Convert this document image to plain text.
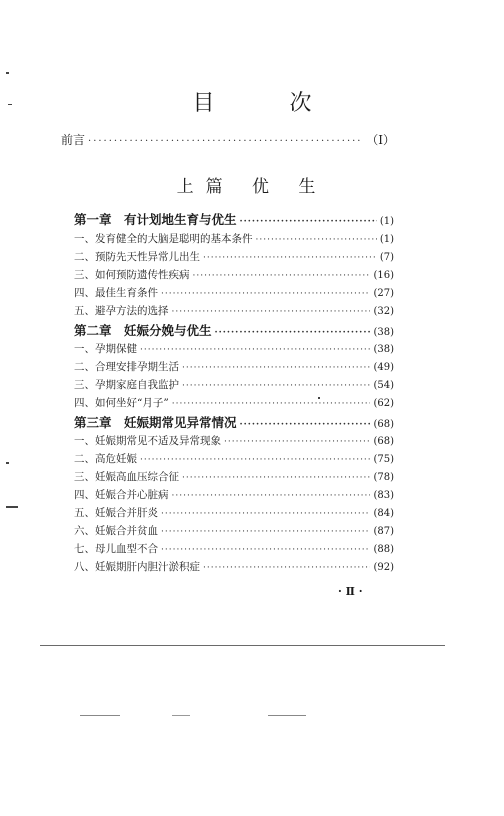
目 次
前言 ·····	（Ⅰ）
上篇 优 生
第一章　有计划地生育与优生 ·····	(1)
一、发育健全的大脑是聪明的基本条件 ·····	(1)
二、预防先天性异常儿出生 ·····	(7)
三、如何预防遗传性疾病 ·····	(16)
四、最佳生育条件 ·····	(27)
五、避孕方法的选择 ·····	(32)
第二章　妊娠分娩与优生 ·····	(38)
一、孕期保健 ·····	(38)
二、合理安排孕期生活 ·····	(49)
三、孕期家庭自我监护 ·····	(54)
四、如何坐好“月子” ·····	(62)
第三章　妊娠期常见异常情况 ·····	(68)
一、妊娠期常见不适及异常现象 ·····	(68)
二、高危妊娠 ·····	(75)
三、妊娠高血压综合征 ·····	(78)
四、妊娠合并心脏病 ·····	(83)
五、妊娠合并肝炎 ·····	(84)
六、妊娠合并贫血 ·····	(87)
七、母儿血型不合 ·····	(88)
八、妊娠期肝内胆汁淤积症 ·····	(92)
· Ⅱ ·
